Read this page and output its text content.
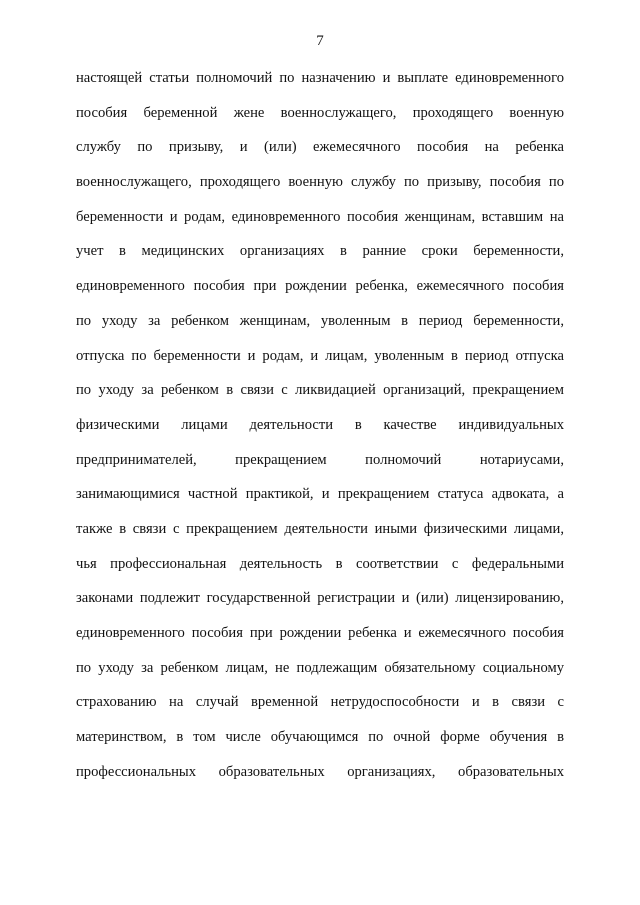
7
настоящей статьи полномочий по назначению и выплате единовременного
пособия беременной жене военнослужащего, проходящего военную
службу по призыву, и (или) ежемесячного пособия на ребенка
военнослужащего, проходящего военную службу по призыву, пособия по
беременности и родам, единовременного пособия женщинам, вставшим на
учет в медицинских организациях в ранние сроки беременности,
единовременного пособия при рождении ребенка, ежемесячного пособия
по уходу за ребенком женщинам, уволенным в период беременности,
отпуска по беременности и родам, и лицам, уволенным в период отпуска
по уходу за ребенком в связи с ликвидацией организаций, прекращением
физическими лицами деятельности в качестве индивидуальных
предпринимателей, прекращением полномочий нотариусами,
занимающимися частной практикой, и прекращением статуса адвоката, а
также в связи с прекращением деятельности иными физическими лицами,
чья профессиональная деятельность в соответствии с федеральными
законами подлежит государственной регистрации и (или) лицензированию,
единовременного пособия при рождении ребенка и ежемесячного пособия
по уходу за ребенком лицам, не подлежащим обязательному социальному
страхованию на случай временной нетрудоспособности и в связи с
материнством, в том числе обучающимся по очной форме обучения в
профессиональных образовательных организациях, образовательных
